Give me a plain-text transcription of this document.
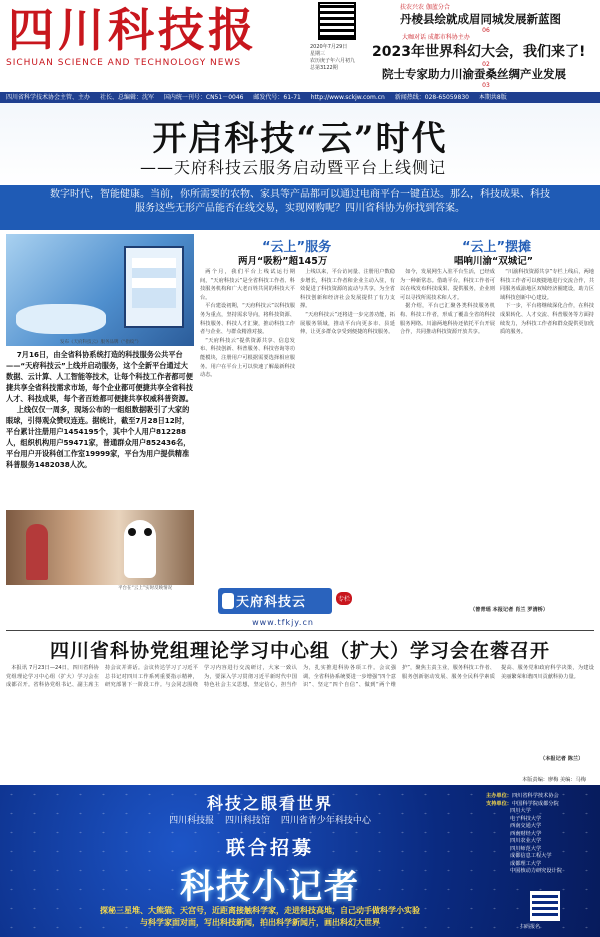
四川科技报
SICHUAN SCIENCE AND TECHNOLOGY NEWS
2020年7月29日
星期三
农历庚子年六月初九
总第3122期
扶农兴农 伽蓝分合
丹棱县绘就成眉同城发展新蓝图
06
大咖对话 成都市科协主办
2023年世界科幻大会，我们来了!
02
院士专家助力川渝蚕桑丝绸产业发展
03
四川省科学技术协会主管、主办 社长、总编辑：沈军 国内统一刊号：CN51－0046 邮发代号：61-71 http://www.sckjw.com.cn 新闻热线：028-65059830 本期共8版
开启科技“云”时代
——天府科技云服务启动暨平台上线侧记
数字时代，智能健康。当前，你所需要的农物、家具等产品都可以通过电商平台一键直达。那么，科技成果、科技服务这些无形产品能否在线交易，实现网购呢？四川省科协为你找到答案。
发布《天府科技云》服务品牌（“指纹”）

7月16日，由全省科协系统打造的科技服务公共平台——“天府科技云”上线并启动服务，这个全新平台通过大数据、云计算、人工智能等技术，让每个科技工作者都可便捷共享全省科技需求市场，每个企业都可便捷共享全省科技人才、科技成果，每个者百姓都可便捷共享权威科普资源。

上线仅仅一周多，现场公布的一组组数据吸引了大家的眼球，引得观众赞叹连连。据统计，截至7月28日12时，平台累计注册用户1454195个，其中个人用户812288人，组织机构用户59471家，普通群众用户852436名，平台用户开设科创工作室19999家，平台为用户提供精准科普服务1482038人次。

平台在“云上”实时反映情况
“云上”服务
两月“吸粉”超145万

两个月，我们平台上线试运行期间，“天府科技云”是全省科技工作者、科技服务机构和广大老百姓共同的科技大平台。

平台建设初期，“天府科技云”以科技服务为重点，坚持需求导向，将科技资源、科技服务、科技人才汇聚，推动科技工作者与企业、与群众精准对接。

“天府科技云”提供资源共享、信息发布、科技创新、科普服务、科技咨询等功能模块，注册用户可根据需要选择相应服务。用户在平台上可以快速了解最新科技动态。

上线以来，平台访问量、注册用户数稳步增长，科技工作者和企业主动入驻，有效促进了科技资源的流动与共享，为全省科技创新和经济社会发展提供了有力支撑。

“天府科技云”还将进一步完善功能，拓展服务领域，推动平台向更多市、县延伸，让更多群众享受到便捷的科技服务。

“云上”摆摊
唱响川渝“双城记”

如今，发展网生入驻平台生活，已经成为一种新常态。借助平台，科技工作者可以在线发布科技成果、提供服务，企业则可以寻找所需技术和人才。

据介绍，平台已汇聚各类科技服务机构、科技工作者，形成了覆盖全省的科技服务网络。川渝两地科协还依托平台开展合作，共同推动科技资源开放共享。

“川渝科技资源共享”专栏上线后，两地科技工作者可以便捷地进行交流合作，共同服务成渝地区双城经济圈建设，助力区域科技创新中心建设。

下一步，平台将继续深化合作，在科技成果转化、人才交流、科普服务等方面持续发力，为科技工作者和群众提供更加优质的服务。

（曾青瑶 本报记者 肖兰 罗清桥）
天府科技云	专栏
www.tfkjy.cn
四川省科协党组理论学习中心组（扩大）学习会在蓉召开

本报讯 7月23日—24日，四川省科协党组理论学习中心组（扩大）学习会在成都召开。省科协党组书记、副主席主持会议并讲话。会议传达学习了习近平总书记对四川工作系列重要指示精神，研究部署下一阶段工作。与会同志围绕学习内容进行交流研讨，大家一致认为，要深入学习贯彻习近平新时代中国特色社会主义思想，坚定信心，担当作为，扎实推进科协各项工作。会议强调，全省科协系统要进一步增强“四个意识”、坚定“四个自信”、做到“两个维护”，聚焦主责主业，服务科技工作者、服务创新驱动发展、服务全民科学素质提高、服务党和政府科学决策，为建设美丽繁荣和谐四川贡献科协力量。

（本报记者 陈兰）
本版责编：廖梅 美编：马梅
科技之眼看世界
四川科技报 四川科技馆 四川省青少年科技中心
联合招募
科技小记者
探秘三星堆、大熊猫、天宫号，近距离接触科学家，走进科技高地，自己动手做科学小实验
与科学家面对面，写出科技新闻，拍出科学新闻片，画出科幻大世界
主办单位：四川省科学技术协会
支持单位：中国科学院成都分院
四川大学
电子科技大学
西南交通大学
西南财经大学
四川农业大学
四川师范大学
成都信息工程大学
成都理工大学
中国核动力研究设计院
扫码报名
